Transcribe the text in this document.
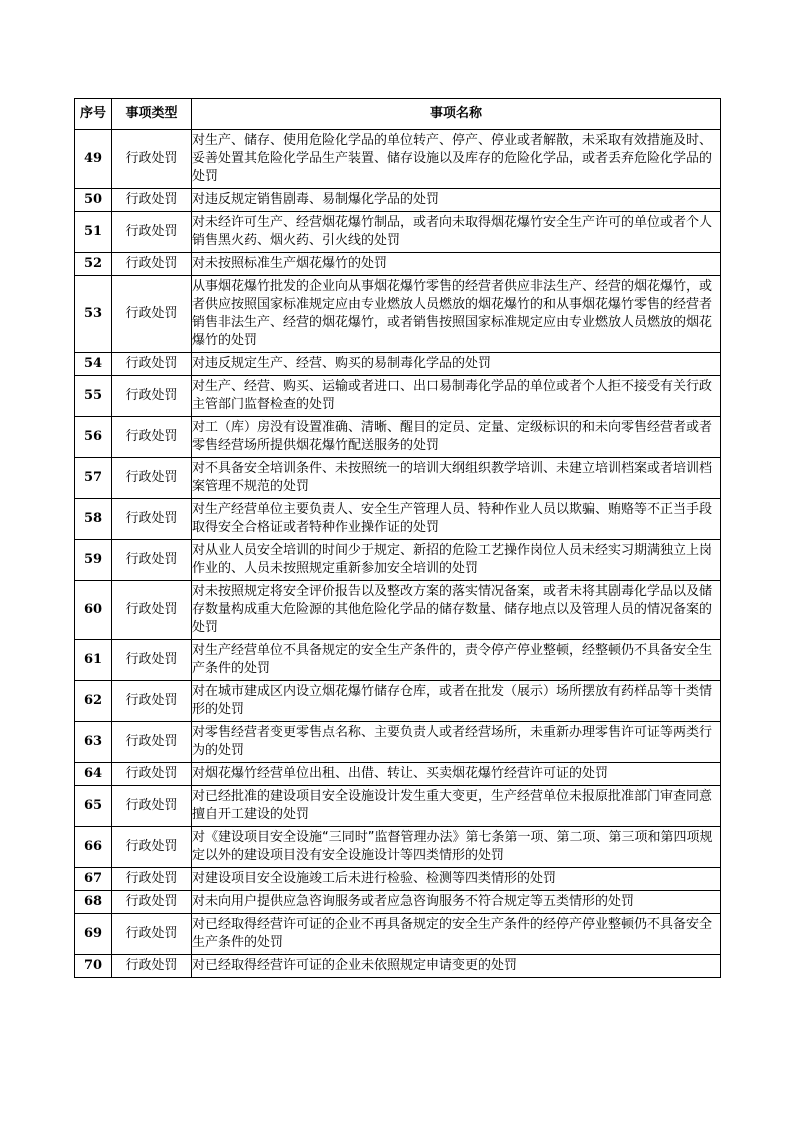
序号	事项类型	事项名称
49	行政处罚	对生产、储存、使用危险化学品的单位转产、停产、停业或者解散，未采取有效措施及时、妥善处置其危险化学品生产装置、储存设施以及库存的危险化学品，或者丢弃危险化学品的处罚
50	行政处罚	对违反规定销售剧毒、易制爆化学品的处罚
51	行政处罚	对未经许可生产、经营烟花爆竹制品，或者向未取得烟花爆竹安全生产许可的单位或者个人销售黑火药、烟火药、引火线的处罚
52	行政处罚	对未按照标准生产烟花爆竹的处罚
53	行政处罚	从事烟花爆竹批发的企业向从事烟花爆竹零售的经营者供应非法生产、经营的烟花爆竹，或者供应按照国家标准规定应由专业燃放人员燃放的烟花爆竹的和从事烟花爆竹零售的经营者销售非法生产、经营的烟花爆竹，或者销售按照国家标准规定应由专业燃放人员燃放的烟花爆竹的处罚
54	行政处罚	对违反规定生产、经营、购买的易制毒化学品的处罚
55	行政处罚	对生产、经营、购买、运输或者进口、出口易制毒化学品的单位或者个人拒不接受有关行政主管部门监督检查的处罚
56	行政处罚	对工（库）房没有设置准确、清晰、醒目的定员、定量、定级标识的和未向零售经营者或者零售经营场所提供烟花爆竹配送服务的处罚
57	行政处罚	对不具备安全培训条件、未按照统一的培训大纲组织教学培训、未建立培训档案或者培训档案管理不规范的处罚
58	行政处罚	对生产经营单位主要负责人、安全生产管理人员、特种作业人员以欺骗、贿赂等不正当手段取得安全合格证或者特种作业操作证的处罚
59	行政处罚	对从业人员安全培训的时间少于规定、新招的危险工艺操作岗位人员未经实习期满独立上岗作业的、人员未按照规定重新参加安全培训的处罚
60	行政处罚	对未按照规定将安全评价报告以及整改方案的落实情况备案，或者未将其剧毒化学品以及储存数量构成重大危险源的其他危险化学品的储存数量、储存地点以及管理人员的情况备案的处罚
61	行政处罚	对生产经营单位不具备规定的安全生产条件的，责令停产停业整顿，经整顿仍不具备安全生产条件的处罚
62	行政处罚	对在城市建成区内设立烟花爆竹储存仓库，或者在批发（展示）场所摆放有药样品等十类情形的处罚
63	行政处罚	对零售经营者变更零售点名称、主要负责人或者经营场所，未重新办理零售许可证等两类行为的处罚
64	行政处罚	对烟花爆竹经营单位出租、出借、转让、买卖烟花爆竹经营许可证的处罚
65	行政处罚	对已经批准的建设项目安全设施设计发生重大变更，生产经营单位未报原批准部门审查同意擅自开工建设的处罚
66	行政处罚	对《建设项目安全设施“三同时”监督管理办法》第七条第一项、第二项、第三项和第四项规定以外的建设项目没有安全设施设计等四类情形的处罚
67	行政处罚	对建设项目安全设施竣工后未进行检验、检测等四类情形的处罚
68	行政处罚	对未向用户提供应急咨询服务或者应急咨询服务不符合规定等五类情形的处罚
69	行政处罚	对已经取得经营许可证的企业不再具备规定的安全生产条件的经停产停业整顿仍不具备安全生产条件的处罚
70	行政处罚	对已经取得经营许可证的企业未依照规定申请变更的处罚
